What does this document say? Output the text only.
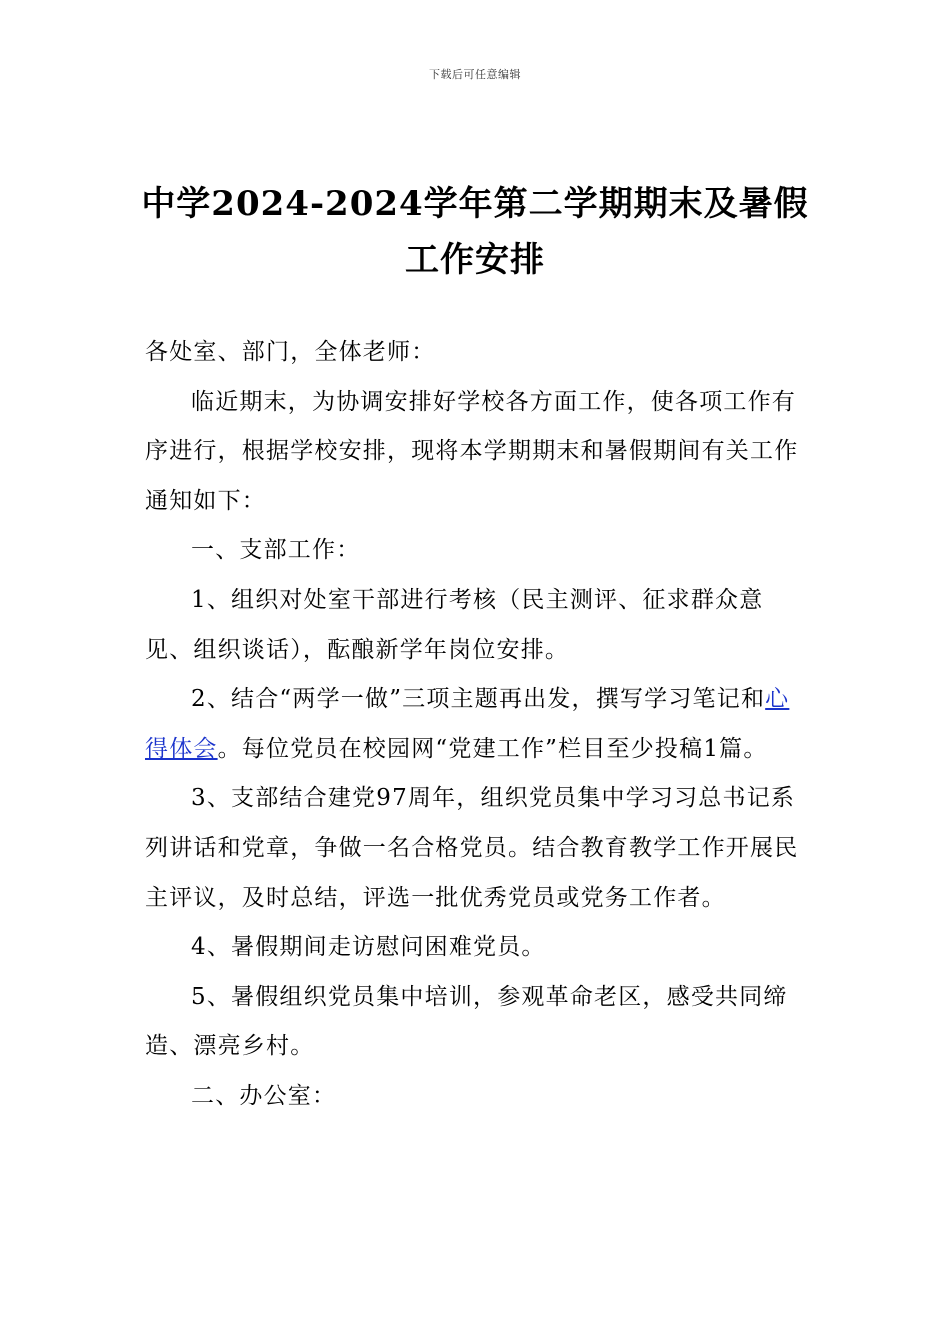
下载后可任意编辑
中学2024-2024学年第二学期期末及暑假
工作安排

各处室、部门，全体老师：

临近期末，为协调安排好学校各方面工作，使各项工作有序进行，根据学校安排，现将本学期期末和暑假期间有关工作通知如下：

一、支部工作：

1、组织对处室干部进行考核（民主测评、征求群众意见、组织谈话），酝酿新学年岗位安排。

2、结合“两学一做”三项主题再出发，撰写学习笔记和心得体会。每位党员在校园网“党建工作”栏目至少投稿1篇。

3、支部结合建党97周年，组织党员集中学习习总书记系列讲话和党章，争做一名合格党员。结合教育教学工作开展民主评议，及时总结，评选一批优秀党员或党务工作者。

4、暑假期间走访慰问困难党员。

5、暑假组织党员集中培训，参观革命老区，感受共同缔造、漂亮乡村。

二、办公室：
